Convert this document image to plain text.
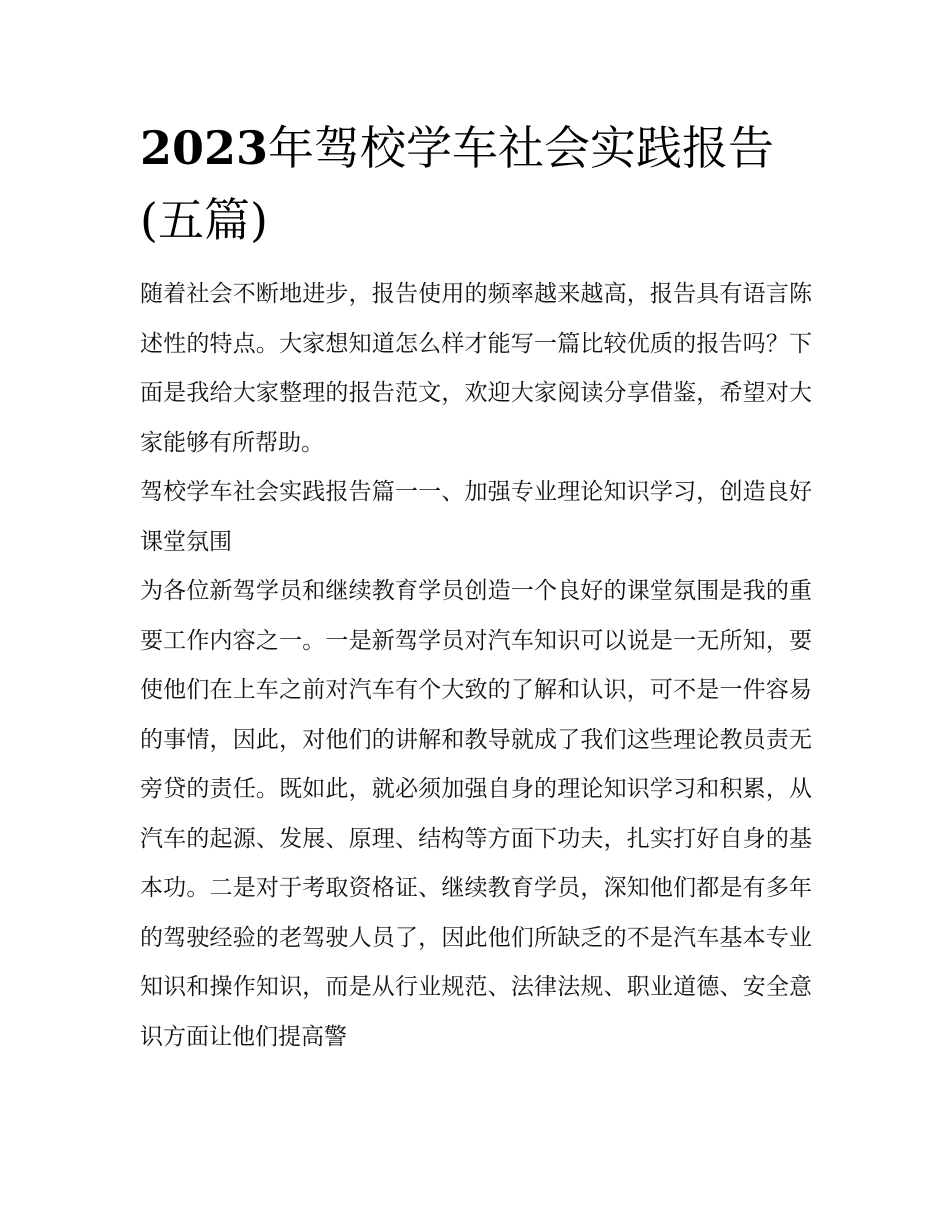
2023年驾校学车社会实践报告(五篇)

随着社会不断地进步，报告使用的频率越来越高，报告具有语言陈述性的特点。大家想知道怎么样才能写一篇比较优质的报告吗？下面是我给大家整理的报告范文，欢迎大家阅读分享借鉴，希望对大家能够有所帮助。

驾校学车社会实践报告篇一一、加强专业理论知识学习，创造良好课堂氛围

为各位新驾学员和继续教育学员创造一个良好的课堂氛围是我的重要工作内容之一。一是新驾学员对汽车知识可以说是一无所知，要使他们在上车之前对汽车有个大致的了解和认识，可不是一件容易的事情，因此，对他们的讲解和教导就成了我们这些理论教员责无旁贷的责任。既如此，就必须加强自身的理论知识学习和积累，从汽车的起源、发展、原理、结构等方面下功夫，扎实打好自身的基本功。二是对于考取资格证、继续教育学员，深知他们都是有多年的驾驶经验的老驾驶人员了，因此他们所缺乏的不是汽车基本专业知识和操作知识，而是从行业规范、法律法规、职业道德、安全意识方面让他们提高警
